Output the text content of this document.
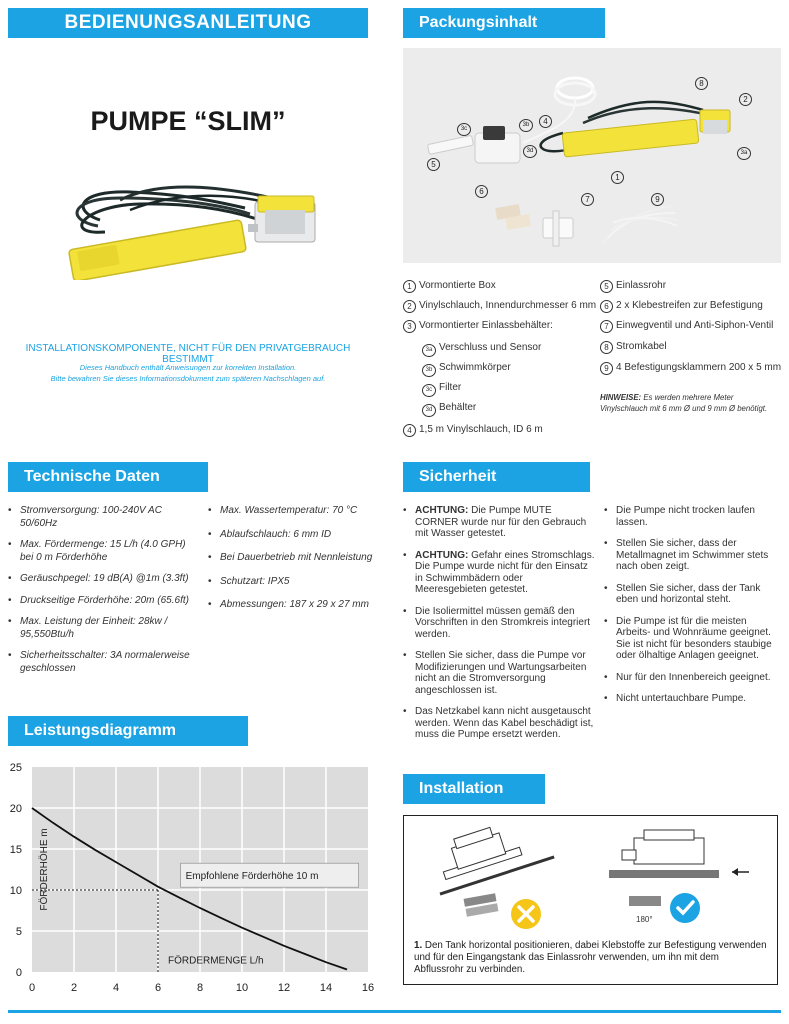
BEDIENUNGSANLEITUNG
PUMPE “SLIM”
INSTALLATIONSKOMPONENTE, NICHT FÜR DEN PRIVATGEBRAUCH BESTIMMT
Dieses Handbuch enthält Anweisungen zur korrekten Installation.
Bitte bewahren Sie dieses Informationsdokument zum späteren Nachschlagen auf.
Packungsinhalt
8
2
3a
4
3c
3b
3d
5
1
6
7	9
1 Vormontierte Box
2 Vinylschlauch, Innendurchmesser 6 mm
3 Vormontierter Einlassbehälter:
3a Verschluss und Sensor
3b Schwimmkörper
3c Filter
3d Behälter
4 1,5 m Vinylschlauch, ID 6 m
5 Einlassrohr
6 2 x Klebestreifen zur Befestigung
7 Einwegventil und Anti-Siphon-Ventil
8 Stromkabel
9 4 Befestigungsklammern 200 x 5 mm
HINWEISE: Es werden mehrere Meter
Vinylschlauch mit 6 mm Ø und 9 mm Ø benötigt.
Technische Daten
• Stromversorgung: 100-240V AC 50/60Hz
• Max. Fördermenge: 15 L/h (4.0 GPH) bei 0 m Förderhöhe
• Geräuschpegel: 19 dB(A) @1m (3.3ft)
• Druckseitige Förderhöhe: 20m (65.6ft)
• Max. Leistung der Einheit: 28kw / 95,550Btu/h
• Sicherheitsschalter: 3A normalerweise geschlossen
• Max. Wassertemperatur: 70 °C
• Ablaufschlauch: 6 mm ID
• Bei Dauerbetrieb mit Nennleistung
• Schutzart: IPX5
• Abmessungen: 187 x 29 x 27 mm
Sicherheit
• ACHTUNG: Die Pumpe MUTE CORNER wurde nur für den Gebrauch mit Wasser getestet.
• ACHTUNG: Gefahr eines Stromschlags. Die Pumpe wurde nicht für den Einsatz in Schwimmbädern oder Meeresgebieten getestet.
• Die Isoliermittel müssen gemäß den Vorschriften in den Stromkreis integriert werden.
• Stellen Sie sicher, dass die Pumpe vor Modifizierungen und Wartungsarbeiten nicht an die Stromversorgung angeschlossen ist.
• Das Netzkabel kann nicht ausgetauscht werden. Wenn das Kabel beschädigt ist, muss die Pumpe ersetzt werden.
• Die Pumpe nicht trocken laufen lassen.
• Stellen Sie sicher, dass der Metallmagnet im Schwimmer stets nach oben zeigt.
• Stellen Sie sicher, dass der Tank eben und horizontal steht.
• Die Pumpe ist für die meisten Arbeits- und Wohnräume geeignet. Sie ist nicht für besonders staubige oder ölhaltige Anlagen geeignet.
• Nur für den Innenbereich geeignet.
• Nicht untertauchbare Pumpe.
Leistungsdiagramm
0	2	4	6	8	10	12	14	16
0
5
10
15
20
25
Empfohlene Förderhöhe 10 m
FÖRDERMENGE L/h
FÖRDERHÖHE m
Installation
180°
1. Den Tank horizontal positionieren, dabei Klebstoffe zur Befestigung verwenden und für den Eingangstank das Einlassrohr verwenden, um ihn mit dem Abflussrohr zu verbinden.
